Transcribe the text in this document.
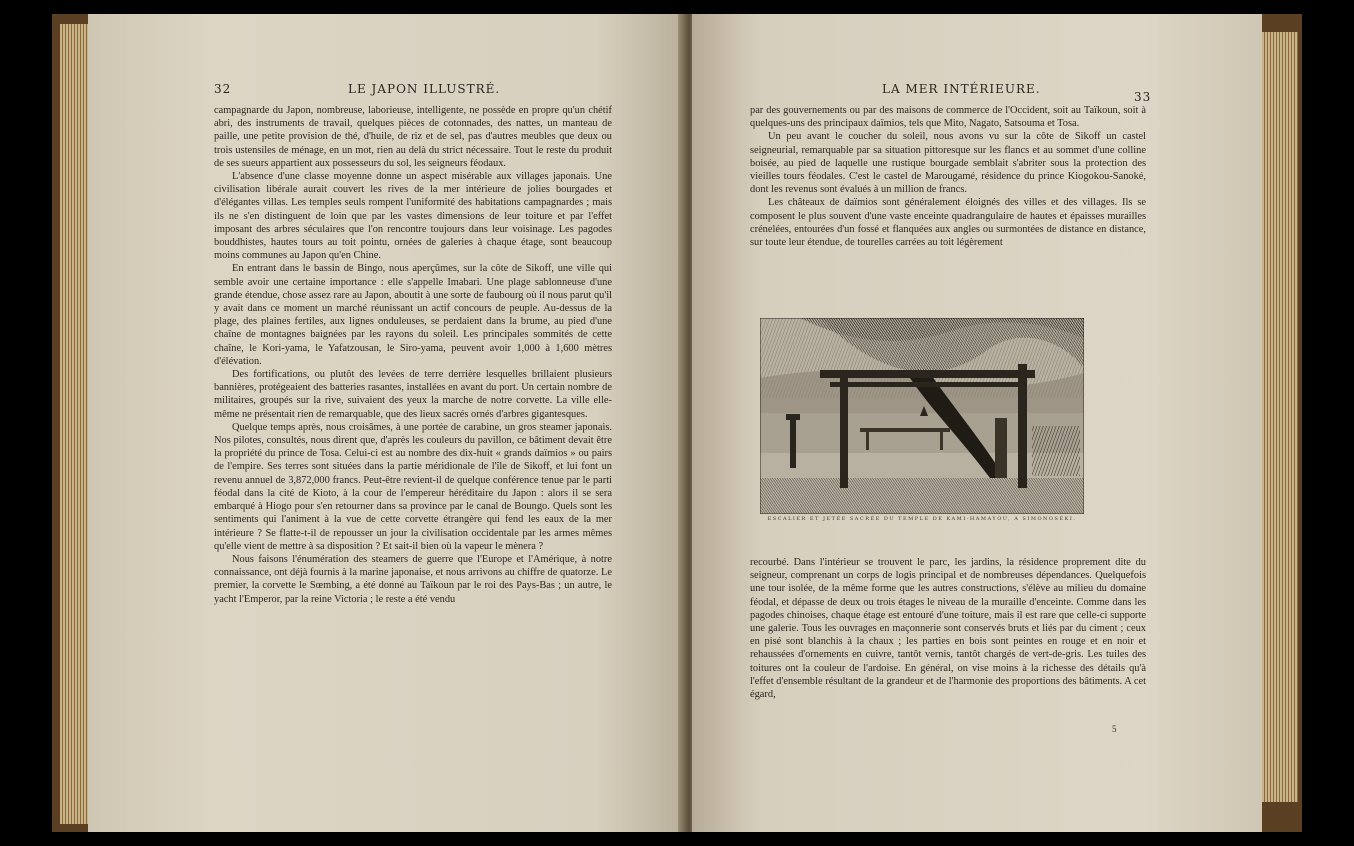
32	LE JAPON ILLUSTRÉ.

campagnarde du Japon, nombreuse, laborieuse, intelligente, ne possède en propre qu'un chétif abri, des instruments de travail, quelques pièces de cotonnades, des nattes, un manteau de paille, une petite provision de thé, d'huile, de riz et de sel, pas d'autres meubles que deux ou trois ustensiles de ménage, en un mot, rien au delà du strict nécessaire. Tout le reste du produit de ses sueurs appartient aux possesseurs du sol, les seigneurs féodaux.

L'absence d'une classe moyenne donne un aspect misérable aux villages japonais. Une civilisation libérale aurait couvert les rives de la mer intérieure de jolies bourgades et d'élégantes villas. Les temples seuls rompent l'uniformité des habitations campagnardes ; mais ils ne s'en distinguent de loin que par les vastes dimensions de leur toiture et par l'effet imposant des arbres séculaires que l'on rencontre toujours dans leur voisinage. Les pagodes bouddhistes, hautes tours au toit pointu, ornées de galeries à chaque étage, sont beaucoup moins communes au Japon qu'en Chine.

En entrant dans le bassin de Bingo, nous aperçûmes, sur la côte de Sikoff, une ville qui semble avoir une certaine importance : elle s'appelle Imabari. Une plage sablonneuse d'une grande étendue, chose assez rare au Japon, aboutit à une sorte de faubourg où il nous parut qu'il y avait dans ce moment un marché réunissant un actif concours de peuple. Au-dessus de la plage, des plaines fertiles, aux lignes onduleuses, se perdaient dans la brume, au pied d'une chaîne de montagnes baignées par les rayons du soleil. Les principales sommités de cette chaîne, le Kori-yama, le Yafatzousan, le Siro-yama, peuvent avoir 1,000 à 1,600 mètres d'élévation.

Des fortifications, ou plutôt des levées de terre derrière lesquelles brillaient plusieurs bannières, protégeaient des batteries rasantes, installées en avant du port. Un certain nombre de militaires, groupés sur la rive, suivaient des yeux la marche de notre corvette. La ville elle-même ne présentait rien de remarquable, que des lieux sacrés ornés d'arbres gigantesques.

Quelque temps après, nous croisâmes, à une portée de carabine, un gros steamer japonais. Nos pilotes, consultés, nous dirent que, d'après les couleurs du pavillon, ce bâtiment devait être la propriété du prince de Tosa. Celui-ci est au nombre des dix-huit « grands daïmios » ou pairs de l'empire. Ses terres sont situées dans la partie méridionale de l'île de Sikoff, et lui font un revenu annuel de 3,872,000 francs. Peut-être revient-il de quelque conférence tenue par le parti féodal dans la cité de Kioto, à la cour de l'empereur héréditaire du Japon : alors il se sera embarqué à Hiogo pour s'en retourner dans sa province par le canal de Boungo. Quels sont les sentiments qui l'animent à la vue de cette corvette étrangère qui fend les eaux de la mer intérieure ? Se flatte-t-il de repousser un jour la civilisation occidentale par les armes mêmes qu'elle vient de mettre à sa disposition ? Et sait-il bien où la vapeur le mènera ?

Nous faisons l'énumération des steamers de guerre que l'Europe et l'Amérique, à notre connaissance, ont déjà fournis à la marine japonaise, et nous arrivons au chiffre de quatorze. Le premier, la corvette le Sœmbing, a été donné au Taïkoun par le roi des Pays-Bas ; un autre, le yacht l'Emperor, par la reine Victoria ; le reste a été vendu

LA MER INTÉRIEURE.
33

par des gouvernements ou par des maisons de commerce de l'Occident, soit au Taïkoun, soit à quelques-uns des principaux daïmios, tels que Mito, Nagato, Satsouma et Tosa.

Un peu avant le coucher du soleil, nous avons vu sur la côte de Sikoff un castel seigneurial, remarquable par sa situation pittoresque sur les flancs et au sommet d'une colline boisée, au pied de laquelle une rustique bourgade semblait s'abriter sous la protection des vieilles tours féodales. C'est le castel de Marougamé, résidence du prince Kiogokou-Sanoké, dont les revenus sont évalués à un million de francs.

Les châteaux de daïmios sont généralement éloignés des villes et des villages. Ils se composent le plus souvent d'une vaste enceinte quadrangulaire de hautes et épaisses murailles crénelées, entourées d'un fossé et flanquées aux angles ou surmontées de distance en distance, sur toute leur étendue, de tourelles carrées au toit légèrement

ESCALIER ET JETÉE SACRÉE DU TEMPLE DE KAMI-HAMAYOU, A SIMONOSÉKI.

recourbé. Dans l'intérieur se trouvent le parc, les jardins, la résidence proprement dite du seigneur, comprenant un corps de logis principal et de nombreuses dépendances. Quelquefois une tour isolée, de la même forme que les autres constructions, s'élève au milieu du domaine féodal, et dépasse de deux ou trois étages le niveau de la muraille d'enceinte. Comme dans les pagodes chinoises, chaque étage est entouré d'une toiture, mais il est rare que celle-ci supporte une galerie. Tous les ouvrages en maçonnerie sont conservés bruts et liés par du ciment ; ceux en pisé sont blanchis à la chaux ; les parties en bois sont peintes en rouge et en noir et rehaussées d'ornements en cuivre, tantôt vernis, tantôt chargés de vert-de-gris. Les tuiles des toitures ont la couleur de l'ardoise. En général, on vise moins à la richesse des détails qu'à l'effet d'ensemble résultant de la grandeur et de l'harmonie des proportions des bâtiments. A cet égard,

5
